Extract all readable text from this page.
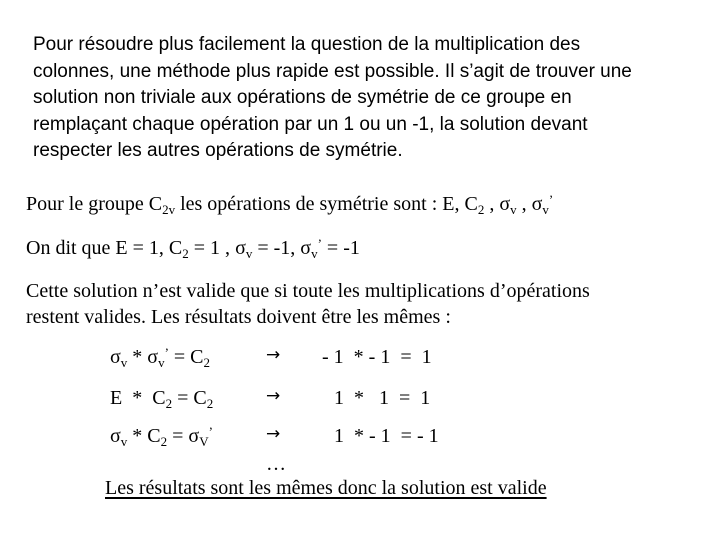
Pour résoudre plus facilement la question de la multiplication des
colonnes, une méthode plus rapide est possible. Il s’agit de trouver une
solution non triviale aux opérations de symétrie de ce groupe en
remplaçant chaque opération par un 1 ou un -1, la solution devant
respecter les autres opérations de symétrie.
Pour le groupe $C_{2v}$ les opérations de symétrie sont : E, $C_2$ , $\sigma_v$ , $\sigma_v^’$
On dit que E = 1, $C_2 = 1$ , $\sigma_v = -1$, $\sigma_v^’ = -1$
Cette solution n’est valide que si toute les multiplications d’opérations
restent valides. Les résultats doivent être les mêmes :
$\sigma_v * \sigma_v^’ = C_2$	→ - 1  * - 1  =  1
$E * C_2 = C_2$	→	1  *   1  =  1
$\sigma_v * C_2 = \sigma_V^’$	→	1  * - 1  = - 1
…
Les résultats sont les mêmes donc la solution est valide
